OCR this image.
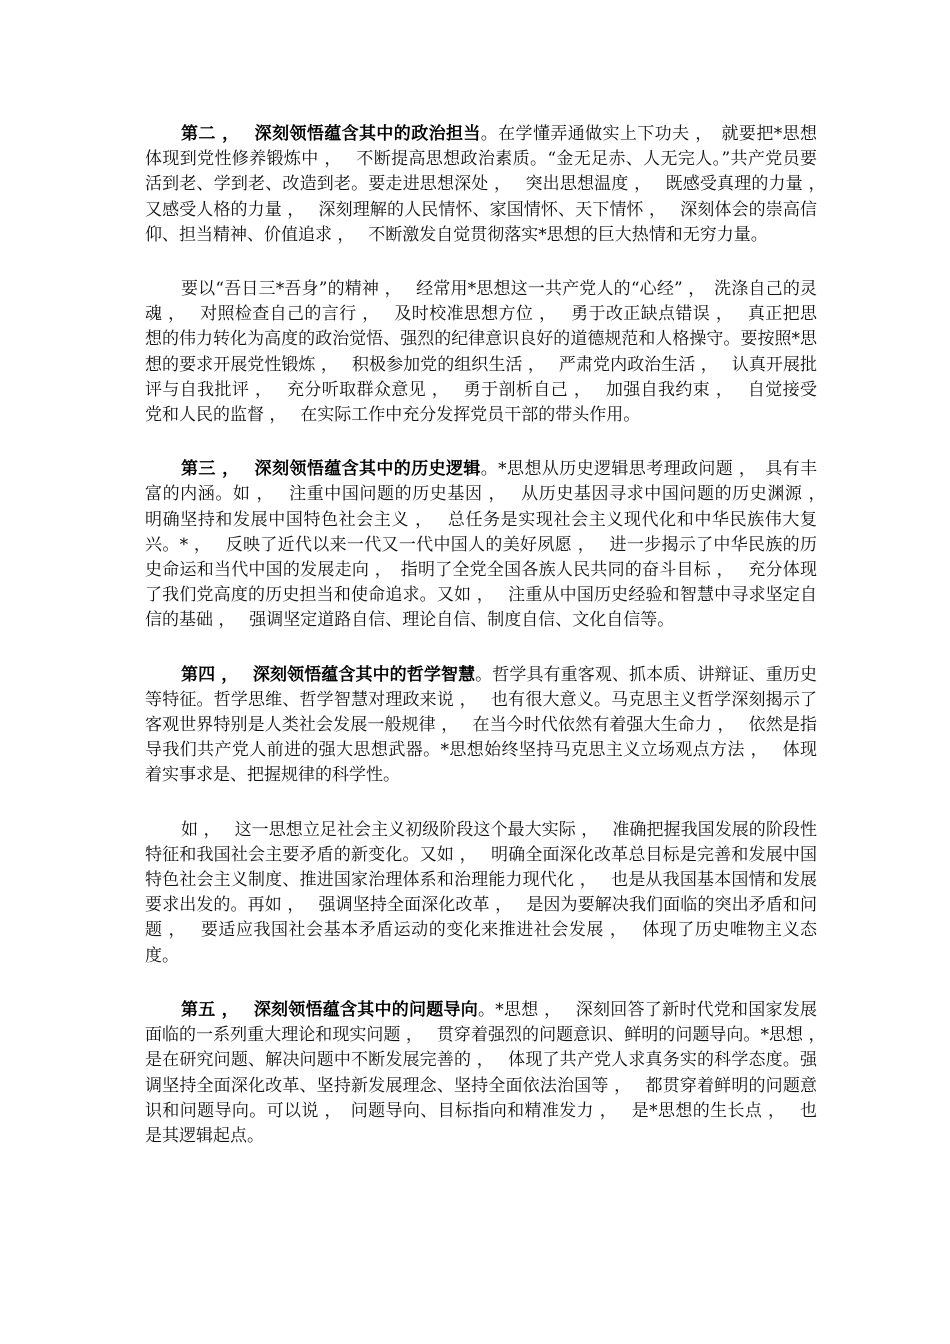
第二 ，　 深刻领悟蕴含其中的政治担当。在学懂弄通做实上下功夫 ，　就要把*思想体现到党性修养锻炼中 ，　 不断提高思想政治素质。“金无足赤、人无完人。”共产党员要活到老、学到老、改造到老。要走进思想深处 ，　 突出思想温度 ，　 既感受真理的力量 ，　 又感受人格的力量 ，　 深刻理解的人民情怀、家国情怀、天下情怀 ，　 深刻体会的崇高信仰、担当精神、价值追求 ，　 不断激发自觉贯彻落实*思想的巨大热情和无穷力量。

要以“吾日三*吾身”的精神 ，　 经常用*思想这一共产党人的“心经” ，　洗涤自己的灵魂 ，　 对照检查自己的言行 ，　 及时校准思想方位 ，　 勇于改正缺点错误 ，　 真正把思想的伟力转化为高度的政治觉悟、强烈的纪律意识良好的道德规范和人格操守。要按照*思想的要求开展党性锻炼 ，　 积极参加党的组织生活 ，　 严肃党内政治生活 ，　 认真开展批评与自我批评 ，　 充分听取群众意见 ，　 勇于剖析自己 ，　 加强自我约束 ，　 自觉接受党和人民的监督 ，　 在实际工作中充分发挥党员干部的带头作用。

第三 ，　 深刻领悟蕴含其中的历史逻辑。*思想从历史逻辑思考理政问题 ，　具有丰富的内涵。如 ，　 注重中国问题的历史基因 ，　 从历史基因寻求中国问题的历史渊源 ，　 明确坚持和发展中国特色社会主义 ，　 总任务是实现社会主义现代化和中华民族伟大复兴。* ，　 反映了近代以来一代又一代中国人的美好夙愿 ，　 进一步揭示了中华民族的历史命运和当代中国的发展走向 ，　指明了全党全国各族人民共同的奋斗目标 ，　 充分体现了我们党高度的历史担当和使命追求。又如 ，　 注重从中国历史经验和智慧中寻求坚定自信的基础 ，　 强调坚定道路自信、理论自信、制度自信、文化自信等。

第四 ，　 深刻领悟蕴含其中的哲学智慧。哲学具有重客观、抓本质、讲辩证、重历史等特征。哲学思维、哲学智慧对理政来说 ，　 也有很大意义。马克思主义哲学深刻揭示了客观世界特别是人类社会发展一般规律 ，　 在当今时代依然有着强大生命力 ，　 依然是指导我们共产党人前进的强大思想武器。*思想始终坚持马克思主义立场观点方法 ，　 体现着实事求是、把握规律的科学性。

如 ，　 这一思想立足社会主义初级阶段这个最大实际 ，　 准确把握我国发展的阶段性特征和我国社会主要矛盾的新变化。又如 ，　 明确全面深化改革总目标是完善和发展中国特色社会主义制度、推进国家治理体系和治理能力现代化 ，　 也是从我国基本国情和发展要求出发的。再如 ，　 强调坚持全面深化改革 ，　 是因为要解决我们面临的突出矛盾和问题 ，　 要适应我国社会基本矛盾运动的变化来推进社会发展 ，　 体现了历史唯物主义态度。

第五 ，　 深刻领悟蕴含其中的问题导向。*思想 ，　 深刻回答了新时代党和国家发展面临的一系列重大理论和现实问题 ，　 贯穿着强烈的问题意识、鲜明的问题导向。*思想 ，　 是在研究问题、解决问题中不断发展完善的 ，　 体现了共产党人求真务实的科学态度。强调坚持全面深化改革、坚持新发展理念、坚持全面依法治国等 ，　 都贯穿着鲜明的问题意识和问题导向。可以说 ，　问题导向、目标指向和精准发力 ，　 是*思想的生长点 ，　 也是其逻辑起点。
